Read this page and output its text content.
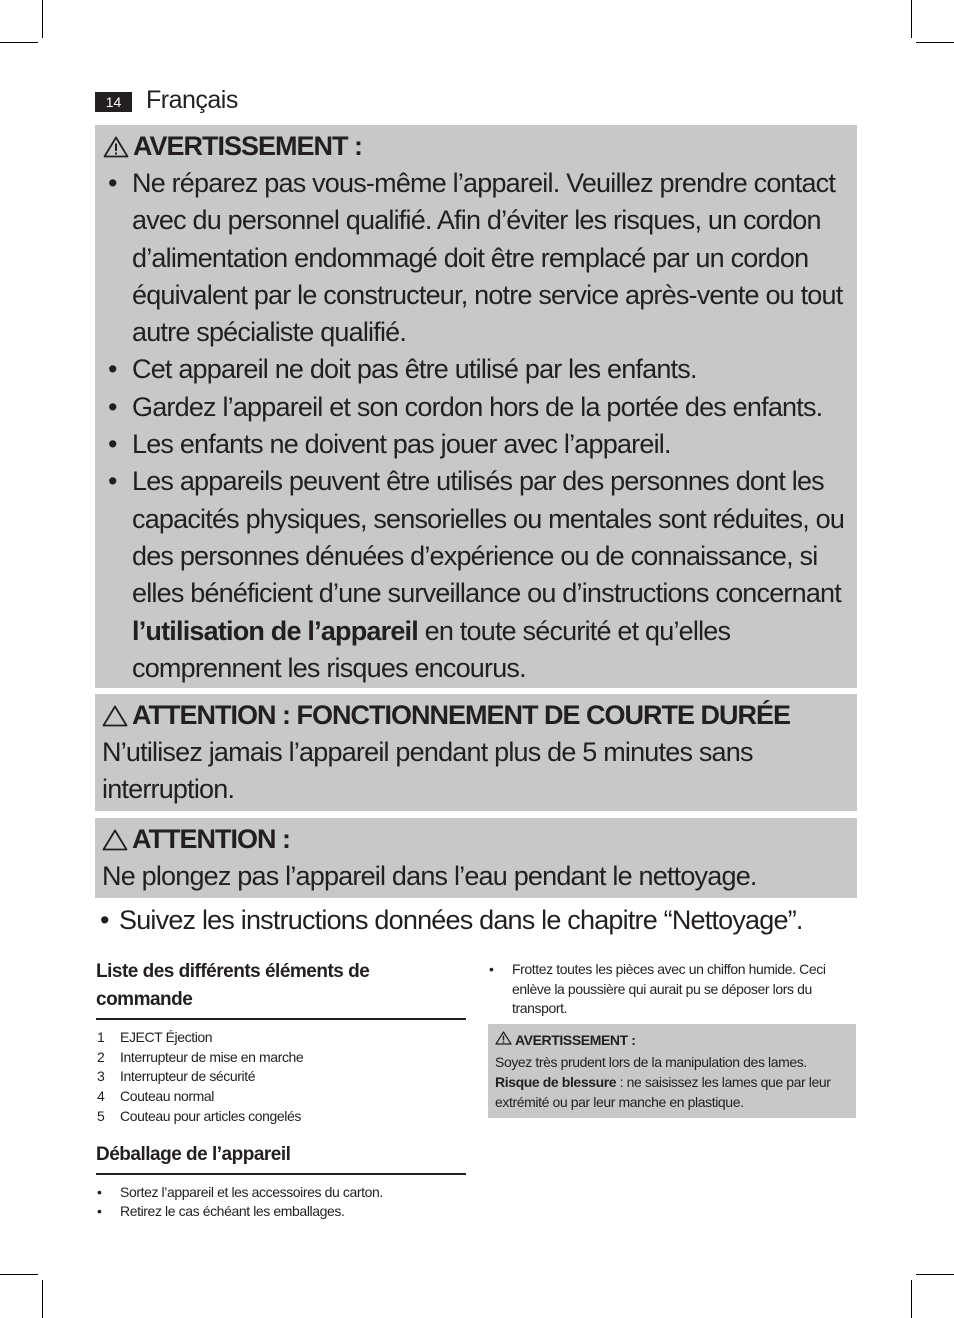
14 Français
AVERTISSEMENT :
• Ne réparez pas vous-même l’appareil. Veuillez prendre contact avec du personnel qualifié. Afin d’éviter les risques, un cordon d’alimentation endommagé doit être remplacé par un cordon équivalent par le constructeur, notre service après-vente ou tout autre spécialiste qualifié.
• Cet appareil ne doit pas être utilisé par les enfants.
• Gardez l’appareil et son cordon hors de la portée des enfants.
• Les enfants ne doivent pas jouer avec l’appareil.
• Les appareils peuvent être utilisés par des personnes dont les capacités physiques, sensorielles ou mentales sont réduites, ou des personnes dénuées d’expérience ou de connaissance, si elles bénéficient d’une surveillance ou d’instructions concernant l’utilisation de l’appareil en toute sécurité et qu’elles comprennent les risques encourus.
ATTENTION : FONCTIONNEMENT DE COURTE DURÉE
N’utilisez jamais l’appareil pendant plus de 5 minutes sans interruption.
ATTENTION :
Ne plongez pas l’appareil dans l’eau pendant le nettoyage.
• Suivez les instructions données dans le chapitre “Nettoyage”.
Liste des différents éléments de commande
1 EJECT Éjection
2 Interrupteur de mise en marche
3 Interrupteur de sécurité
4 Couteau normal
5 Couteau pour articles congelés
Déballage de l’appareil
• Sortez l’appareil et les accessoires du carton.
• Retirez le cas échéant les emballages.
• Frottez toutes les pièces avec un chiffon humide. Ceci enlève la poussière qui aurait pu se déposer lors du transport.
AVERTISSEMENT :
Soyez très prudent lors de la manipulation des lames.
Risque de blessure : ne saisissez les lames que par leur extrémité ou par leur manche en plastique.
